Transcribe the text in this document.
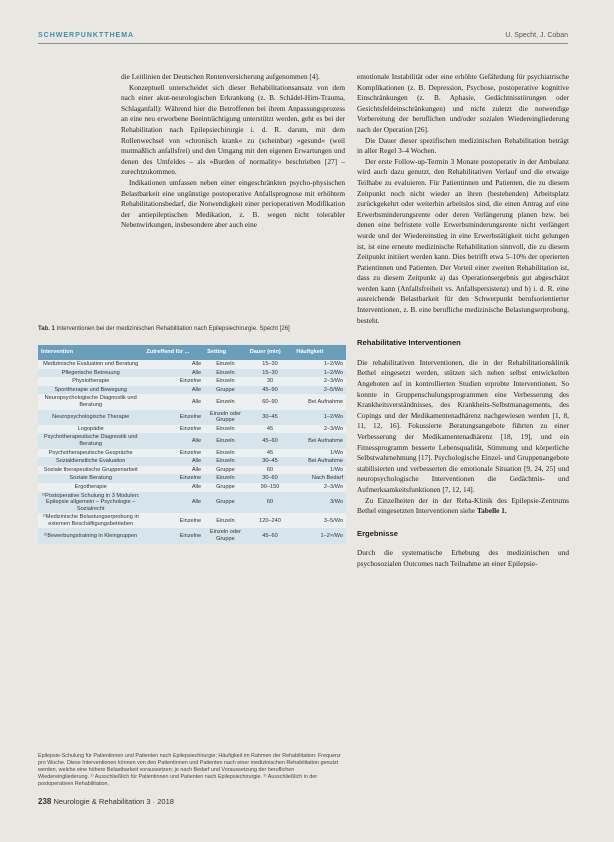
SCHWERPUNKTTHEMA	U. Specht, J. Coban

die Leitlinien der Deutschen Rentenversicherung aufgenommen [4].

Konzeptuell unterscheidet sich dieser Rehabilitationsansatz von dem nach einer akut-neurologischen Erkrankung (z. B. Schädel-Hirn-Trauma, Schlaganfall): Während hier die Betroffenen bei ihrem Anpassungsprozess an eine neu erworbene Beeinträchtigung unterstützt werden, geht es bei der Rehabilitation nach Epilepsiechirurgie i. d. R. darum, mit dem Rollenwechsel von »chronisch krank« zu (scheinbar) »gesund« (weil mutmaßlich anfallsfrei) und den Umgang mit den eigenen Erwartungen und denen des Umfeldes – als »Burden of normality« beschrieben [27] – zurechtzukommen.

Indikationen umfassen neben einer eingeschränkten psycho-physischen Belastbarkeit eine ungünstige postoperative Anfallsprognose mit erhöhtem Rehabilitationsbedarf, die Notwendigkeit einer perioperativen Modifikation der antiepileptischen Medikation, z. B. wegen nicht tolerabler Nebenwirkungen, insbesondere aber auch eine

Tab. 1 Interventionen bei der medizinischen Rehabilitation nach Epilepsiechirurgie. Specht [26]
Intervention	Zutreffend für ...	Setting	Dauer (min)	Häufigkeit
Medizinische Evaluation und Beratung	Alle	Einzeln	15–30	1–2/Wo
Pflegerische Betreuung	Alle	Einzeln	15–30	1–2/Wo
Physiotherapie	Einzelne	Einzeln	30	2–3/Wo
Sporttherapie und Bewegung	Alle	Gruppe	45–90	2–5/Wo
Neuropsychologische Diagnostik und Beratung	Alle	Einzeln	60–90	Bei Aufnahme
Neuropsychologische Therapie	Einzelne	Einzeln oder Gruppe	30–45	1–2/Wo
Logopädie	Einzelne	Einzeln	45	2–3/Wo
Psychotherapeutische Diagnostik und Beratung	Alle	Einzeln	45–60	Bei Aufnahme
Psychotherapeutische Gespräche	Einzelne	Einzeln	45	1/Wo
Sozialdienstliche Evaluation	Alle	Einzeln	30–45	Bei Aufnahme
Soziale therapeutische Gruppenarbeit	Alle	Gruppe	60	1/Wo
Soziale Beratung	Einzelne	Einzeln	30–60	Nach Bedarf
Ergotherapie	Alle	Gruppe	90–150	2–3/Wo
¹⁾Postoperative Schulung in 3 Modulen: Epilepsie allgemein – Psychologie – Sozialrecht	Alle	Gruppe	60	3/Wo
²⁾Medizinische Belastungserprobung in externen Beschäftigungsbetrieben	Einzelne	Einzeln	120–240	3–5/Wo
²⁾Bewerbungstraining in Kleingruppen	Einzelne	Einzeln oder Gruppe	45–60	1–2×/Wo
Epilepsie-Schulung für Patientinnen und Patienten nach Epilepsiechirurgie; Häufigkeit im Rahmen der Rehabilitation: Frequenz pro Woche. Diese Interventionen können von den Patientinnen und Patienten nach einer medizinischen Rehabilitation genutzt werden, welche eine höhere Belastbarkeit voraussetzen; je nach Bedarf und Voraussetzung der beruflichen Wiedereingliederung. ¹⁾ Ausschließlich für Patientinnen und Patienten nach Epilepsiechirurgie. ²⁾ Ausschließlich in der postoperativen Rehabilitation.

emotionale Instabilität oder eine erhöhte Gefährdung für psychiatrische Komplikationen (z. B. Depression, Psychose, postoperative kognitive Einschränkungen (z. B. Aphasie, Gedächtnisstörungen oder Gesichtsfeldeinschränkungen) und nicht zuletzt die notwendige Vorbereitung der beruflichen und/oder sozialen Wiedereingliederung nach der Operation [26].

Die Dauer dieser spezifischen medizinischen Rehabilitation beträgt in aller Regel 3–4 Wochen.

Der erste Follow-up-Termin 3 Monate postoperativ in der Ambulanz wird auch dazu genutzt, den Rehabilitativen Verlauf und die etwaige Teilhabe zu evaluieren. Für Patientinnen und Patienten, die zu diesem Zeitpunkt noch nicht wieder an ihren (bestehenden) Arbeitsplatz zurückgekehrt oder weiterhin arbeitslos sind, die einen Antrag auf eine Erwerbsminderungsrente oder deren Verlängerung planen bzw. bei denen eine befristete volle Erwerbsminderungsrente nicht verlängert wurde und der Wiedereinstieg in eine Erwerbstätigkeit nicht gelungen ist, ist eine erneute medizinische Rehabilitation sinnvoll, die zu diesem Zeitpunkt initiiert werden kann. Dies betrifft etwa 5–10% der operierten Patientinnen und Patienten. Der Vorteil einer zweiten Rehabilitation ist, dass zu diesem Zeitpunkt a) das Operationsergebnis gut abgeschätzt werden kann (Anfallsfreiheit vs. Anfallspersistenz) und b) i. d. R. eine ausreichende Belastbarkeit für den Schwerpunkt berufsorientierter Interventionen, z. B. eine berufliche medizinische Belastungserprobung, besteht.

Rehabilitative Interventionen

Die rehabilitativen Interventionen, die in der Rehabilitationsklinik Bethel eingesetzt werden, stützen sich neben selbst entwickelten Angeboten auf in kontrollierten Studien erprobte Interventionen. So konnte in Gruppenschulungsprogrammen eine Verbesserung des Krankheitsverständnisses, des Krankheits-Selbstmanagements, des Copings und der Medikamentenadhärenz nachgewiesen werden [1, 8, 11, 12, 16]. Fokussierte Beratungsangebote führten zu einer Verbesserung der Medikamentenadhärenz [18, 19], und ein Fitnessprogramm besserte Lebensqualität, Stimmung und körperliche Selbstwahrnehmung [17]. Psychologische Einzel- und Gruppenangebote stabilisierten und verbesserten die emotionale Situation [9, 24, 25] und neuropsychologische Interventionen die Gedächtnis- und Aufmerksamkeitsfunktionen [7, 12, 14].

Zu Einzelheiten der in der Reha-Klinik des Epilepsie-Zentrums Bethel eingesetzten Interventionen siehe Tabelle 1.

Ergebnisse

Durch die systematische Erhebung des medizinischen und psychosozialen Outcomes nach Teilnahme an einer Epilepsie-

238 Neurologie & Rehabilitation 3 · 2018
